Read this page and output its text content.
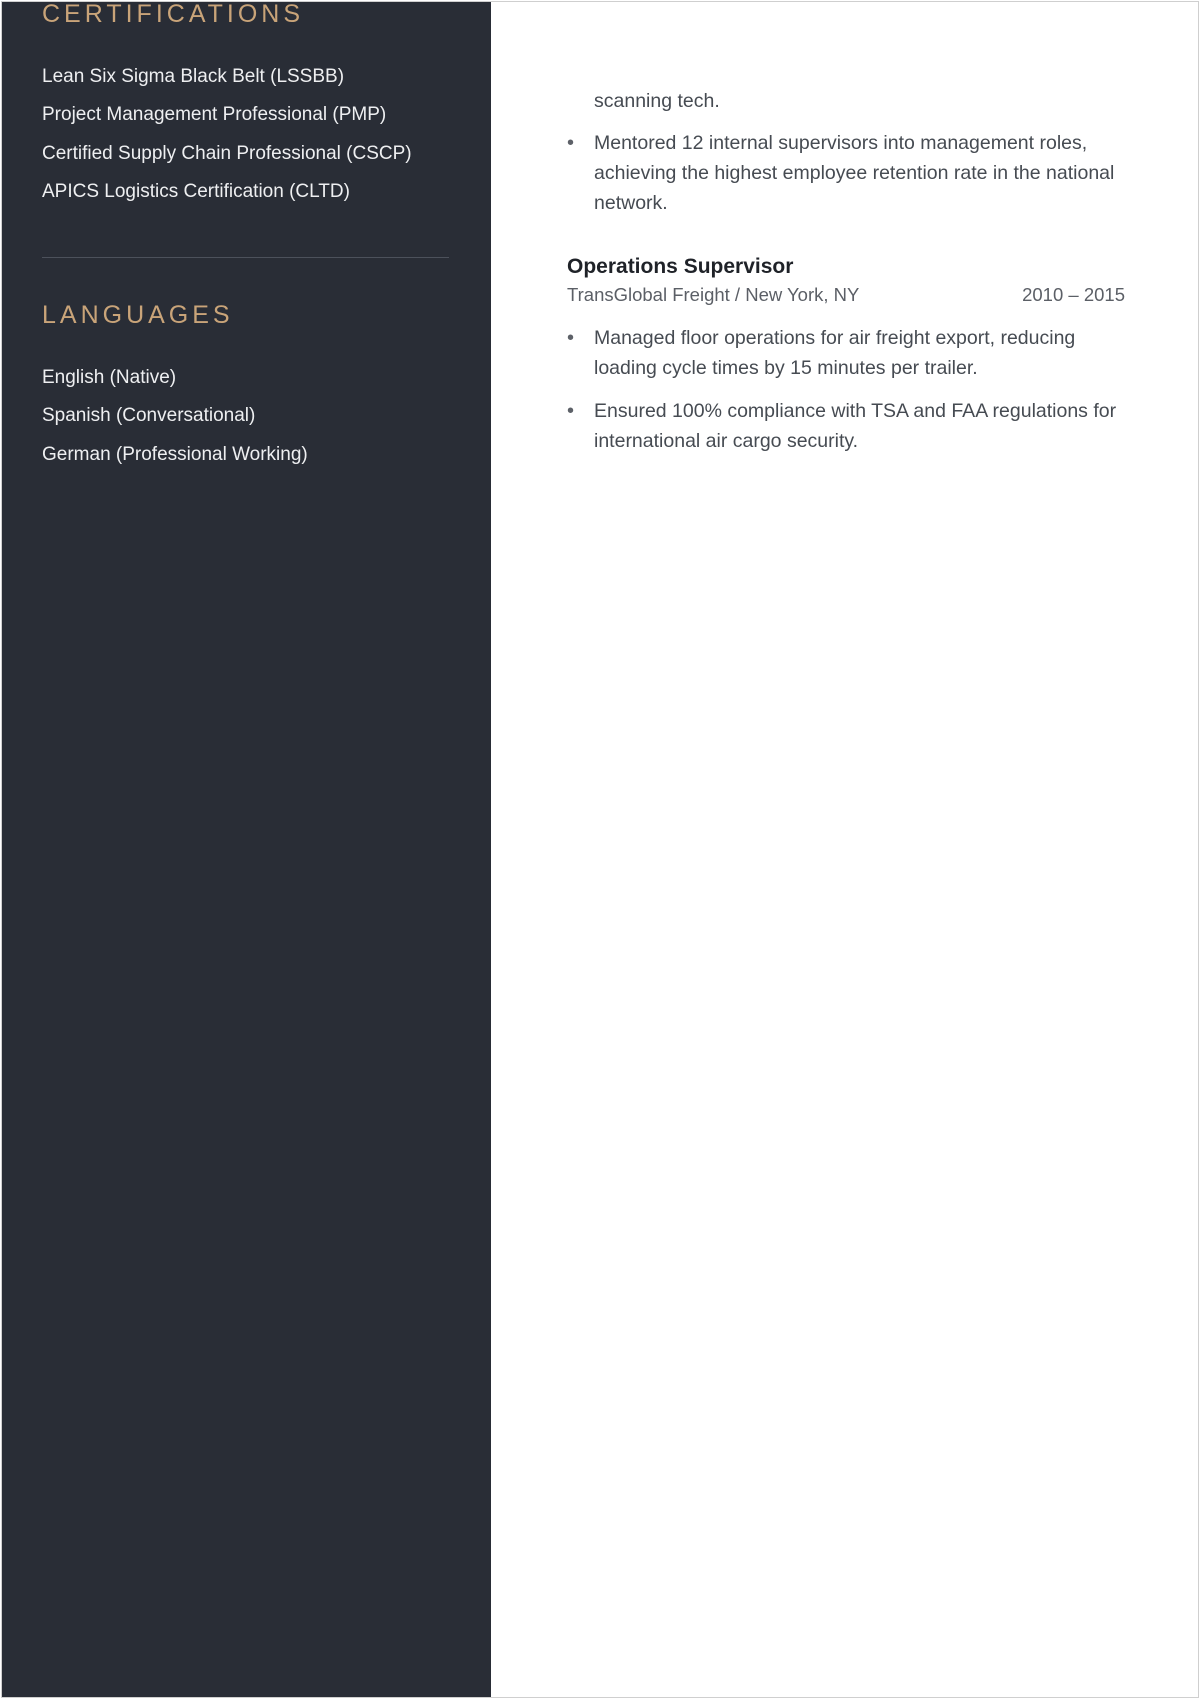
CERTIFICATIONS
Lean Six Sigma Black Belt (LSSBB)
Project Management Professional (PMP)
Certified Supply Chain Professional (CSCP)
APICS Logistics Certification (CLTD)
LANGUAGES
English (Native)
Spanish (Conversational)
German (Professional Working)
scanning tech.
• Mentored 12 internal supervisors into management roles, achieving the highest employee retention rate in the national network.
Operations Supervisor
TransGlobal Freight / New York, NY	2010 – 2015
• Managed floor operations for air freight export, reducing loading cycle times by 15 minutes per trailer.
• Ensured 100% compliance with TSA and FAA regulations for international air cargo security.
